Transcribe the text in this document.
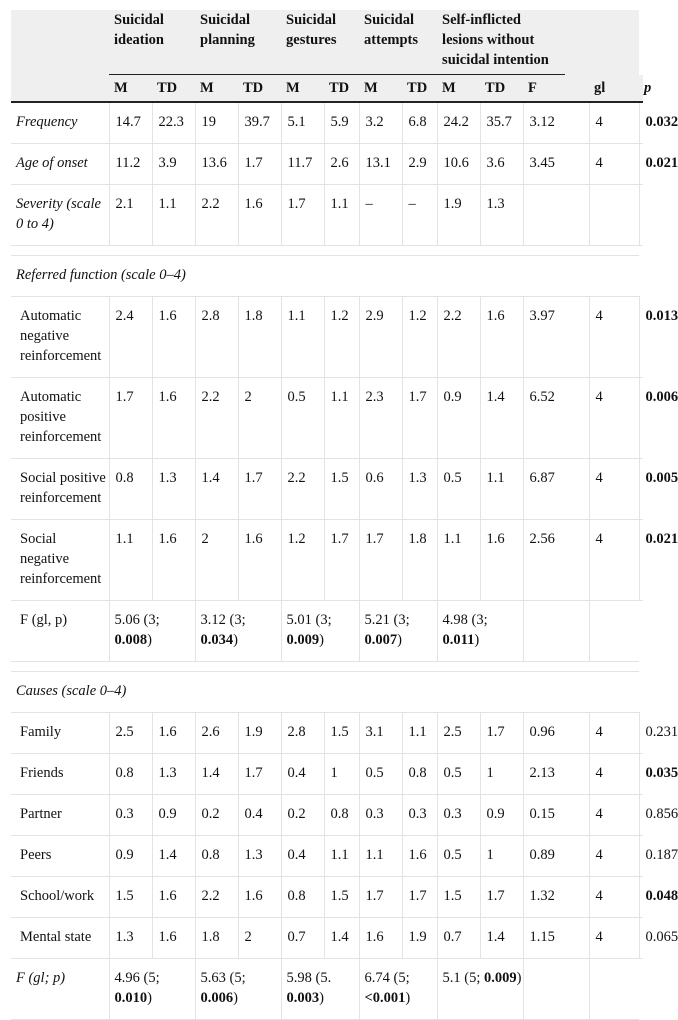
	Suicidal ideation		Suicidal planning		Suicidal gestures		Suicidal attempts		Self-inflicted lesions without suicidal intention					
	M	TD	M	TD	M	TD	M	TD	M	TD	F		gl	p
Frequency	14.7	22.3	19	39.7	5.1	5.9	3.2	6.8	24.2	35.7	3.12		4	0.032
Age of onset	11.2	3.9	13.6	1.7	11.7	2.6	13.1	2.9	10.6	3.6	3.45		4	0.021
Severity (scale 0 to 4)	2.1	1.1	2.2	1.6	1.7	1.1	–	–	1.9	1.3				

Referred function (scale 0–4)														
Automatic negative reinforcement	2.4	1.6	2.8	1.8	1.1	1.2	2.9	1.2	2.2	1.6	3.97		4	0.013
Automatic positive reinforcement	1.7	1.6	2.2	2	0.5	1.1	2.3	1.7	0.9	1.4	6.52		4	0.006
Social positive reinforcement	0.8	1.3	1.4	1.7	2.2	1.5	0.6	1.3	0.5	1.1	6.87		4	0.005
Social negative reinforcement	1.1	1.6	2	1.6	1.2	1.7	1.7	1.8	1.1	1.6	2.56		4	0.021
F (gl, p)	5.06 (3; 0.008)		3.12 (3; 0.034)		5.01 (3; 0.009)		5.21 (3; 0.007)		4.98 (3; 0.011)					

Causes (scale 0–4)														
Family	2.5	1.6	2.6	1.9	2.8	1.5	3.1	1.1	2.5	1.7	0.96		4	0.231
Friends	0.8	1.3	1.4	1.7	0.4	1	0.5	0.8	0.5	1	2.13		4	0.035
Partner	0.3	0.9	0.2	0.4	0.2	0.8	0.3	0.3	0.3	0.9	0.15		4	0.856
Peers	0.9	1.4	0.8	1.3	0.4	1.1	1.1	1.6	0.5	1	0.89		4	0.187
School/work	1.5	1.6	2.2	1.6	0.8	1.5	1.7	1.7	1.5	1.7	1.32		4	0.048
Mental state	1.3	1.6	1.8	2	0.7	1.4	1.6	1.9	0.7	1.4	1.15		4	0.065
F (gl; p)	4.96 (5; 0.010)		5.63 (5; 0.006)		5.98 (5. 0.003)		6.74 (5; <0.001)		5.1 (5; 0.009)					
